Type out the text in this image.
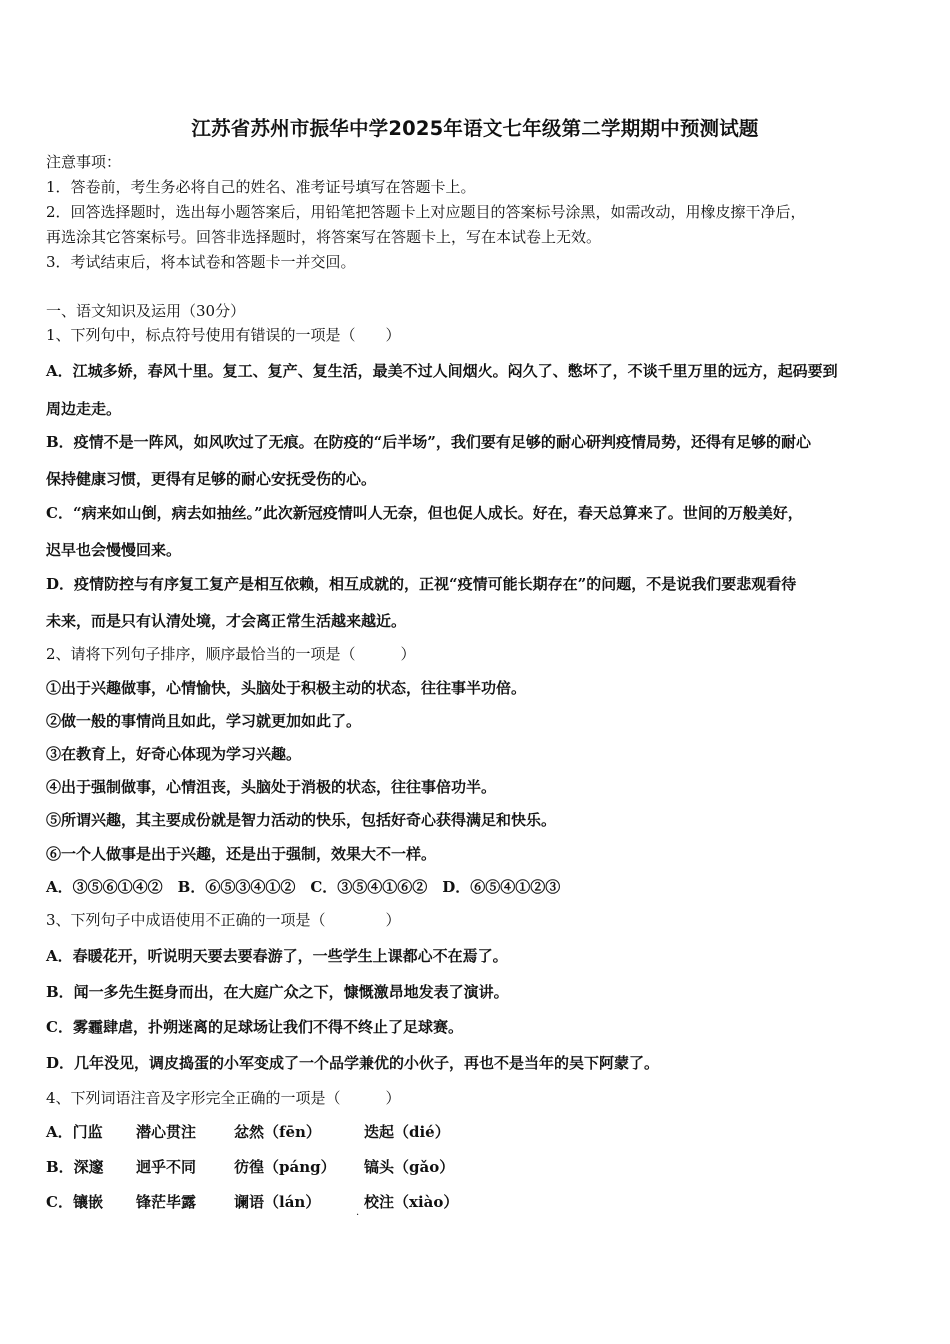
江苏省苏州市振华中学2025年语文七年级第二学期期中预测试题
注意事项：
1．答卷前，考生务必将自己的姓名、准考证号填写在答题卡上。
2．回答选择题时，选出每小题答案后，用铅笔把答题卡上对应题目的答案标号涂黑，如需改动，用橡皮擦干净后，
再选涂其它答案标号。回答非选择题时，将答案写在答题卡上，写在本试卷上无效。
3．考试结束后，将本试卷和答题卡一并交回。
一、语文知识及运用（30分）
1、下列句中，标点符号使用有错误的一项是（　　）
A．江城多娇，春风十里。复工、复产、复生活，最美不过人间烟火。闷久了、憋坏了，不谈千里万里的远方，起码要到
周边走走。
B．疫情不是一阵风，如风吹过了无痕。在防疫的“后半场”，我们要有足够的耐心研判疫情局势，还得有足够的耐心
保持健康习惯，更得有足够的耐心安抚受伤的心。
C．“病来如山倒，病去如抽丝。”此次新冠疫情叫人无奈，但也促人成长。好在，春天总算来了。世间的万般美好，
迟早也会慢慢回来。
D．疫情防控与有序复工复产是相互依赖，相互成就的，正视“疫情可能长期存在”的问题，不是说我们要悲观看待
未来，而是只有认清处境，才会离正常生活越来越近。
2、请将下列句子排序，顺序最恰当的一项是（　　　）
①出于兴趣做事，心情愉快，头脑处于积极主动的状态，往往事半功倍。
②做一般的事情尚且如此，学习就更加如此了。
③在教育上，好奇心体现为学习兴趣。
④出于强制做事，心情沮丧，头脑处于消极的状态，往往事倍功半。
⑤所谓兴趣，其主要成份就是智力活动的快乐，包括好奇心获得满足和快乐。
⑥一个人做事是出于兴趣，还是出于强制，效果大不一样。
A．③⑤⑥①④②　B．⑥⑤③④①②　C．③⑤④①⑥②　D．⑥⑤④①②③
3、下列句子中成语使用不正确的一项是（　　　　）
A．春暖花开，听说明天要去要春游了，一些学生上课都心不在焉了。
B．闻一多先生挺身而出，在大庭广众之下，慷慨激昂地发表了演讲。
C．雾霾肆虐，扑朔迷离的足球场让我们不得不终止了足球赛。
D．几年没见，调皮捣蛋的小军变成了一个品学兼优的小伙子，再也不是当年的吴下阿蒙了。
4、下列词语注音及字形完全正确的一项是（　　　）
A．门监 潜心贯注	忿然（fēn）	迭起（dié）
B．深邃 迥乎不同	彷徨（páng） 镐头（gǎo）
C．镶嵌 锋茫毕露	谰语（lán）	校注（xiào）
.
